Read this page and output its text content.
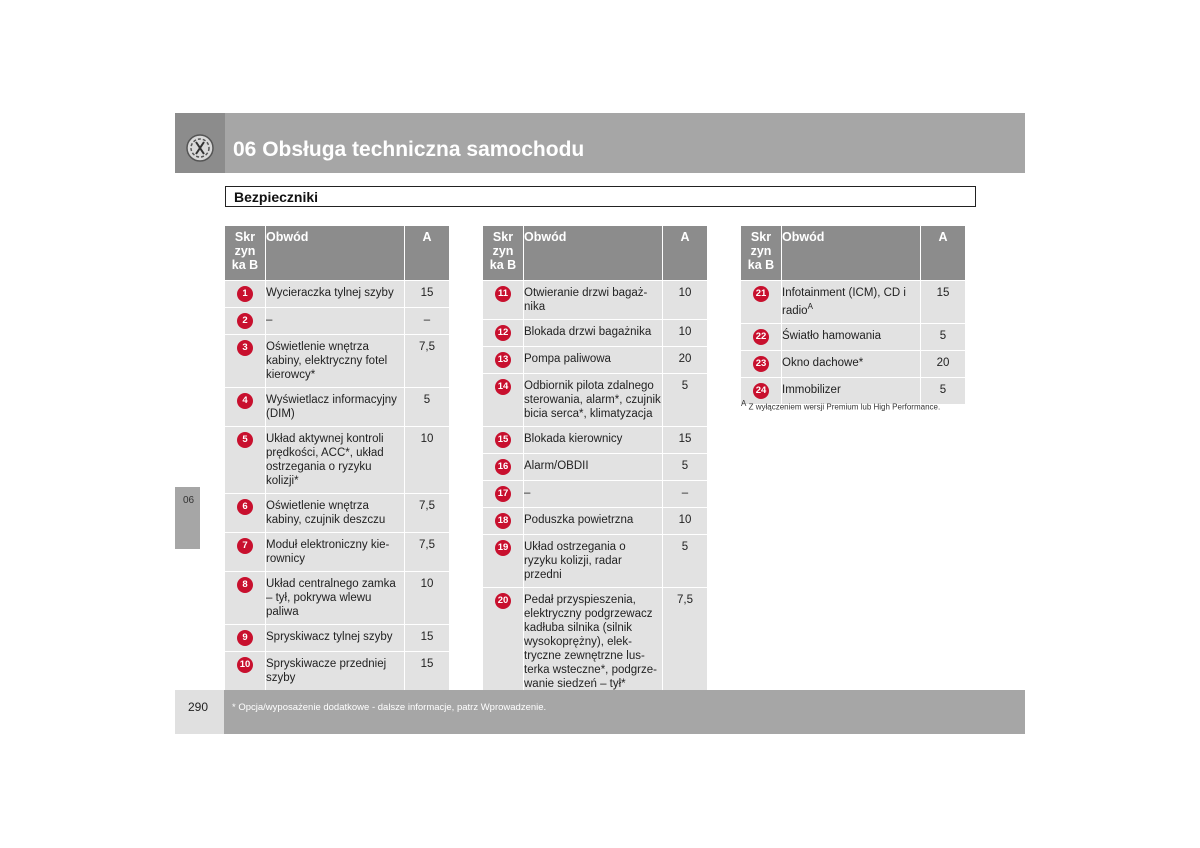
06 Obsługa techniczna samochodu
Bezpieczniki
06
Skr
zyn
ka B	Obwód	A
1	Wycieraczka tylnej szyby	15
2	–	–
3	Oświetlenie wnętrza kabiny, elektryczny fotel kierowcy*	7,5
4	Wyświetlacz informacyjny (DIM)	5
5	Układ aktywnej kontroli prędkości, ACC*, układ ostrzegania o ryzyku kolizji*	10
6	Oświetlenie wnętrza kabiny, czujnik deszczu	7,5
7	Moduł elektroniczny kie-rownicy	7,5
8	Układ centralnego zamka – tył, pokrywa wlewu paliwa	10
9	Spryskiwacz tylnej szyby	15
10	Spryskiwacze przedniej szyby	15
Skr
zyn
ka B	Obwód	A
11	Otwieranie drzwi bagaż-nika	10
12	Blokada drzwi bagażnika	10
13	Pompa paliwowa	20
14	Odbiornik pilota zdalnego sterowania, alarm*, czujnik bicia serca*, klimatyzacja	5
15	Blokada kierownicy	15
16	Alarm/OBDII	5
17	–	–
18	Poduszka powietrzna	10
19	Układ ostrzegania o ryzyku kolizji, radar przedni	5
20	Pedał przyspieszenia, elektryczny podgrzewacz kadłuba silnika (silnik wysokoprężny), elek-tryczne zewnętrzne lus-terka wsteczne*, podgrze-wanie siedzeń – tył*	7,5
Skr
zyn
ka B	Obwód	A
21	Infotainment (ICM), CD i radio$^A$	15
22	Światło hamowania	5
23	Okno dachowe*	20
24	Immobilizer	5
$^A$ Z wyłączeniem wersji Premium lub High Performance.
290	* Opcja/wyposażenie dodatkowe - dalsze informacje, patrz Wprowadzenie.
